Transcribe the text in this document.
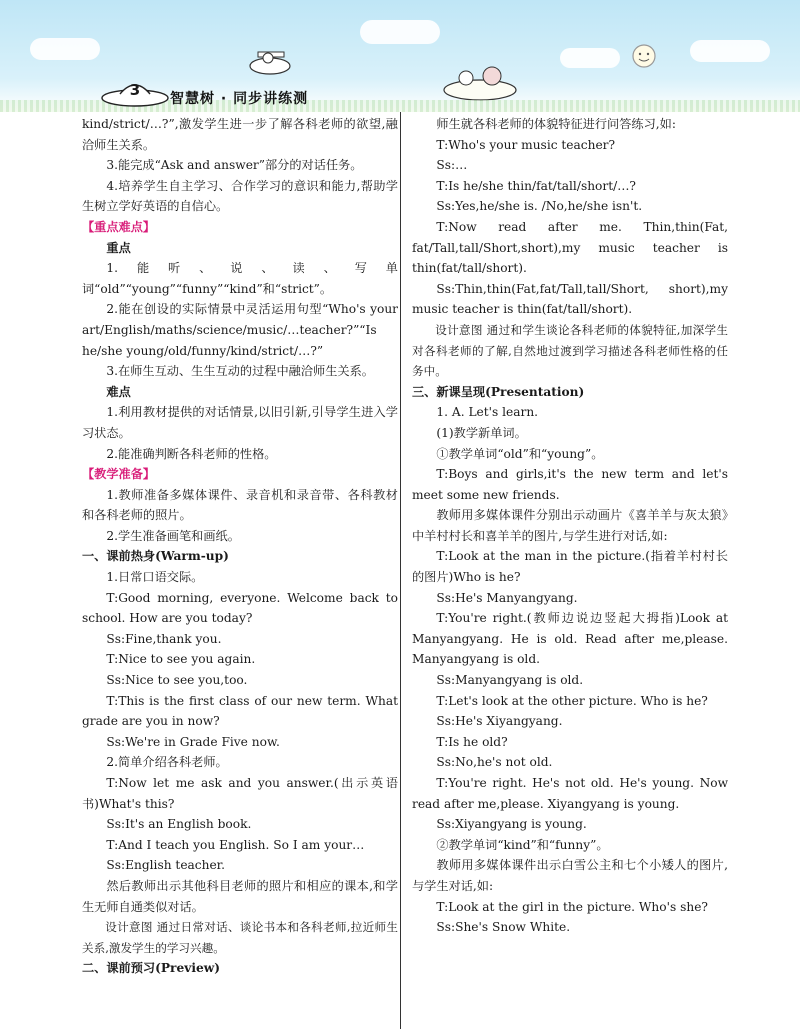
3	智慧树 · 同步讲练测

kind/strict/…?”,激发学生进一步了解各科老师的欲望,融洽师生关系。

3.能完成“Ask and answer”部分的对话任务。

4.培养学生自主学习、合作学习的意识和能力,帮助学生树立学好英语的自信心。

【重点难点】

重点

1.能听、说、读、写单词“old”“young”“funny”“kind”和“strict”。

2.能在创设的实际情景中灵活运用句型“Who's your art/English/maths/science/music/…teacher?”“Is he/she young/old/funny/kind/strict/…?”

3.在师生互动、生生互动的过程中融洽师生关系。

难点

1.利用教材提供的对话情景,以旧引新,引导学生进入学习状态。

2.能准确判断各科老师的性格。

【教学准备】

1.教师准备多媒体课件、录音机和录音带、各科教材和各科老师的照片。

2.学生准备画笔和画纸。

一、课前热身(Warm-up)

1.日常口语交际。

T:Good morning, everyone. Welcome back to school. How are you today?

Ss:Fine,thank you.

T:Nice to see you again.

Ss:Nice to see you,too.

T:This is the first class of our new term. What grade are you in now?

Ss:We're in Grade Five now.

2.简单介绍各科老师。

T:Now let me ask and you answer.(出示英语书)What's this?

Ss:It's an English book.

T:And I teach you English. So I am your…

Ss:English teacher.

然后教师出示其他科目老师的照片和相应的课本,和学生无师自通类似对话。

设计意图 通过日常对话、谈论书本和各科老师,拉近师生关系,激发学生的学习兴趣。

二、课前预习(Preview)

师生就各科老师的体貌特征进行问答练习,如:

T:Who's your music teacher?

Ss:…

T:Is he/she thin/fat/tall/short/…?

Ss:Yes,he/she is. /No,he/she isn't.

T:Now read after me. Thin,thin(Fat, fat/Tall,tall/Short,short),my music teacher is thin(fat/tall/short).

Ss:Thin,thin(Fat,fat/Tall,tall/Short, short),my music teacher is thin(fat/tall/short).

设计意图 通过和学生谈论各科老师的体貌特征,加深学生对各科老师的了解,自然地过渡到学习描述各科老师性格的任务中。

三、新课呈现(Presentation)

1. A. Let's learn.

(1)教学新单词。

①教学单词“old”和“young”。

T:Boys and girls,it's the new term and let's meet some new friends.

教师用多媒体课件分别出示动画片《喜羊羊与灰太狼》中羊村村长和喜羊羊的图片,与学生进行对话,如:

T:Look at the man in the picture.(指着羊村村长的图片)Who is he?

Ss:He's Manyangyang.

T:You're right.(教师边说边竖起大拇指)Look at Manyangyang. He is old. Read after me,please. Manyangyang is old.

Ss:Manyangyang is old.

T:Let's look at the other picture. Who is he?

Ss:He's Xiyangyang.

T:Is he old?

Ss:No,he's not old.

T:You're right. He's not old. He's young. Now read after me,please. Xiyangyang is young.

Ss:Xiyangyang is young.

②教学单词“kind”和“funny”。

教师用多媒体课件出示白雪公主和七个小矮人的图片,与学生对话,如:

T:Look at the girl in the picture. Who's she?

Ss:She's Snow White.
